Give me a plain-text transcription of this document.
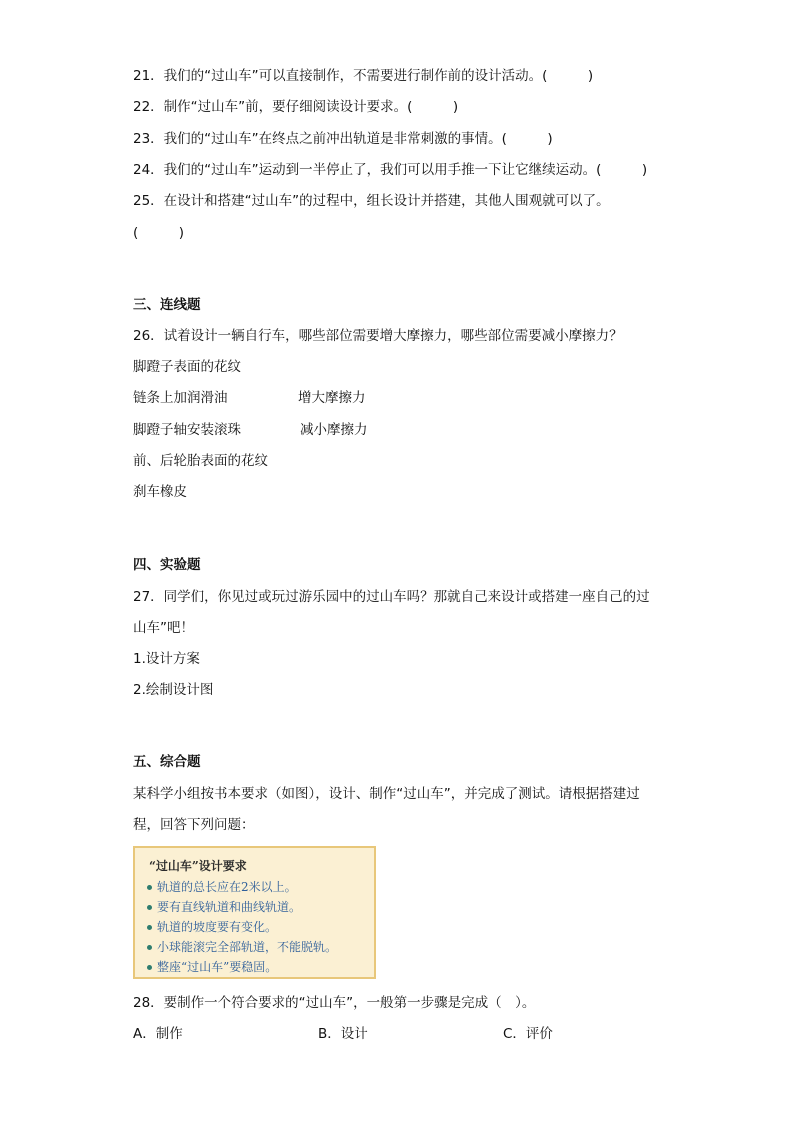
21．我们的“过山车”可以直接制作，不需要进行制作前的设计活动。(　　　)
22．制作“过山车”前，要仔细阅读设计要求。(　　　)
23．我们的“过山车”在终点之前冲出轨道是非常刺激的事情。(　　　)
24．我们的“过山车”运动到一半停止了，我们可以用手推一下让它继续运动。(　　　)
25．在设计和搭建“过山车”的过程中，组长设计并搭建，其他人围观就可以了。
(　　　)
三、连线题
26．试着设计一辆自行车，哪些部位需要增大摩擦力，哪些部位需要减小摩擦力？
脚蹬子表面的花纹
链条上加润滑油	增大摩擦力
脚蹬子轴安装滚珠	减小摩擦力
前、后轮胎表面的花纹
刹车橡皮
四、实验题
27．同学们，你见过或玩过游乐园中的过山车吗？那就自己来设计或搭建一座自己的过
山车”吧！
1.设计方案
2.绘制设计图
五、综合题
某科学小组按书本要求（如图），设计、制作“过山车”，并完成了测试。请根据搭建过
程，回答下列问题：
“过山车”设计要求
轨道的总长应在2米以上。
要有直线轨道和曲线轨道。
轨道的坡度要有变化。
小球能滚完全部轨道，不能脱轨。
整座“过山车”要稳固。
28．要制作一个符合要求的“过山车”，一般第一步骤是完成（　）。
A．制作	B．设计	C．评价
